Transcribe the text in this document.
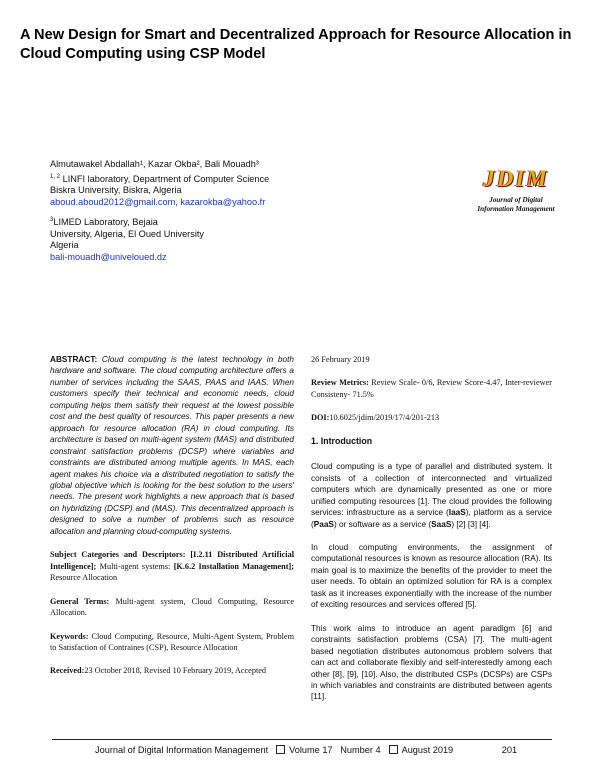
A New Design for Smart and Decentralized Approach for Resource Allocation in Cloud Computing using CSP Model

Almutawakel Abdallah¹, Kazar Okba², Bali Mouadh³

$^{1, 2}$ LINFI laboratory, Department of Computer Science

Biskra University, Biskra, Algeria

aboud.aboud2012@gmail.com, kazarokba@yahoo.fr

$^3$LIMED Laboratory, Bejaia

University, Algeria, El Oued University

Algeria

bali-mouadh@univeloued.dz

JDIM
Journal of Digital
Information Management

ABSTRACT: Cloud computing is the latest technology in both hardware and software. The cloud computing architecture offers a number of services including the SAAS, PAAS and IAAS. When customers specify their technical and economic needs, cloud computing helps them satisfy their request at the lowest possible cost and the best quality of resources. This paper presents a new approach for resource allocation (RA) in cloud computing. Its architecture is based on multi-agent system (MAS) and distributed constraint satisfaction problems (DCSP) where variables and constraints are distributed among multiple agents. In MAS, each agent makes his choice via a distributed negotiation to satisfy the global objective which is looking for the best solution to the users' needs. The present work highlights a new approach that is based on hybridizing (DCSP) and (MAS). This decentralized approach is designed to solve a number of problems such as resource allocation and planning cloud-computing systems.

Subject Categories and Descriptors: [I.2.11 Distributed Artificial Intelligence]; Multi-agent systems: [K.6.2 Installation Management]; Resource Allocation

General Terms: Multi-agent system, Cloud Computing, Resource Allocation.

Keywords: Cloud Computing, Resource, Multi-Agent System, Problem to Satisfaction of Contraines (CSP), Resource Allocation

Received:23 October 2018, Revised 10 February 2019, Accepted

26 February 2019

Review Metrics: Review Scale- 0/6, Review Score-4.47, Inter-reviewer Consisteny- 71.5%

DOI:10.6025/jdim/2019/17/4/201-213

1. Introduction

Cloud computing is a type of parallel and distributed system. It consists of a collection of interconnected and virtualized computers which are dynamically presented as one or more unified computing resources [1]. The cloud provides the following services: infrastructure as a service (IaaS), platform as a service (PaaS) or software as a service (SaaS) [2] [3] [4].

In cloud computing environments, the assignment of computational resources is known as resource allocation (RA). Its main goal is to maximize the benefits of the provider to meet the user needs. To obtain an optimized solution for RA is a complex task as it increases exponentially with the increase of the number of exciting resources and services offered [5].

This work aims to introduce an agent paradigm [6] and constraints satisfaction problems (CSA) [7]. The multi-agent based negotiation distributes autonomous problem solvers that can act and collaborate flexibly and self-interestedly among each other [8], [9], [10]. Also, the distributed CSPs (DCSPs) are CSPs in which variables and constraints are distributed between agents [11].

Journal of Digital Information Management Volume 17 Number 4 August 2019	201
